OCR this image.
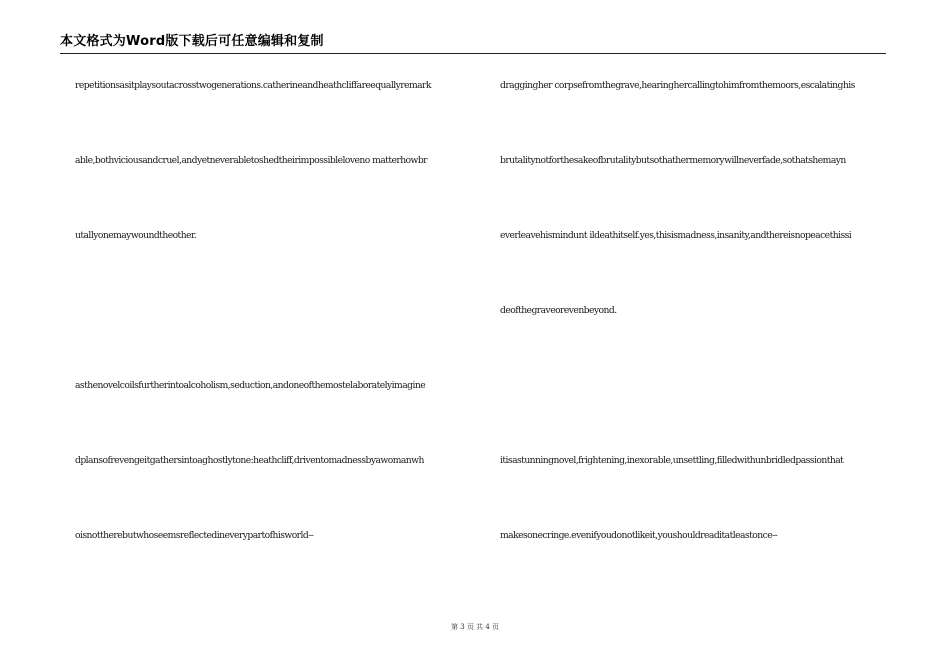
本文格式为Word版下载后可任意编辑和复制
repetitionsasitplaysoutacrosstwogenerations.catherineandheathcliffareequallyremark
able,bothviciousandcruel,andyetneverabletoshedtheirimpossibleloveno matterhowbr
utallyonemaywoundtheother.
asthenovelcoilsfurtherintoalcoholism,seduction,andoneofthemostelaboratelyimagine
dplansofrevengeitgathersintoaghostlytone:heathcliff,driventomadnessbyawomanwh
oisnottherebutwhoseemsreflectedineverypartofhisworld--
draggingher corpsefromthegrave,hearinghercallingtohimfromthemoors,escalatinghis
brutalitynotforthesakeofbrutalitybutsothathermemorywillneverfade,sothatshemayn
everleavehismindunt ildeathitself.yes,thisismadness,insanity,andthereisnopeacethissi
deofthegraveorevenbeyond.
itisastunningnovel,frightening,inexorable,unsettling,filledwithunbridledpassionthat
makesonecringe.evenifyoudonotlikeit,youshouldreaditatleastonce--
第 3 页 共 4 页
